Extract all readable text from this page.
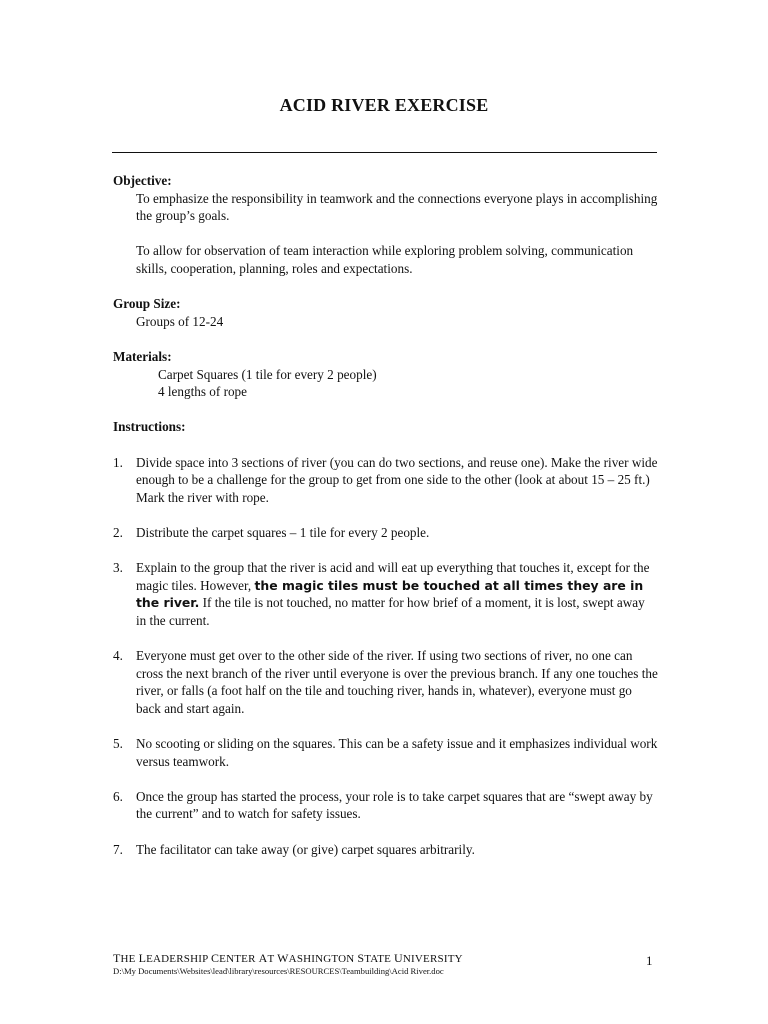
ACID RIVER EXERCISE
Objective:
To emphasize the responsibility in teamwork and the connections everyone plays in accomplishing the group’s goals.
To allow for observation of team interaction while exploring problem solving, communication skills, cooperation, planning, roles and expectations.
Group Size:
Groups of 12-24
Materials:
Carpet Squares (1 tile for every 2 people)
4 lengths of rope
Instructions:
1. Divide space into 3 sections of river (you can do two sections, and reuse one). Make the river wide enough to be a challenge for the group to get from one side to the other (look at about 15 – 25 ft.) Mark the river with rope.
2. Distribute the carpet squares – 1 tile for every 2 people.
3. Explain to the group that the river is acid and will eat up everything that touches it, except for the magic tiles. However, the magic tiles must be touched at all times they are in the river. If the tile is not touched, no matter for how brief of a moment, it is lost, swept away in the current.
4. Everyone must get over to the other side of the river. If using two sections of river, no one can cross the next branch of the river until everyone is over the previous branch. If any one touches the river, or falls (a foot half on the tile and touching river, hands in, whatever), everyone must go back and start again.
5. No scooting or sliding on the squares. This can be a safety issue and it emphasizes individual work versus teamwork.
6. Once the group has started the process, your role is to take carpet squares that are “swept away by the current” and to watch for safety issues.
7. The facilitator can take away (or give) carpet squares arbitrarily.
THE LEADERSHIP CENTER AT WASHINGTON STATE UNIVERSITY
D:\My Documents\Websites\lead\library\resources\RESOURCES\Teambuilding\Acid River.doc
1
